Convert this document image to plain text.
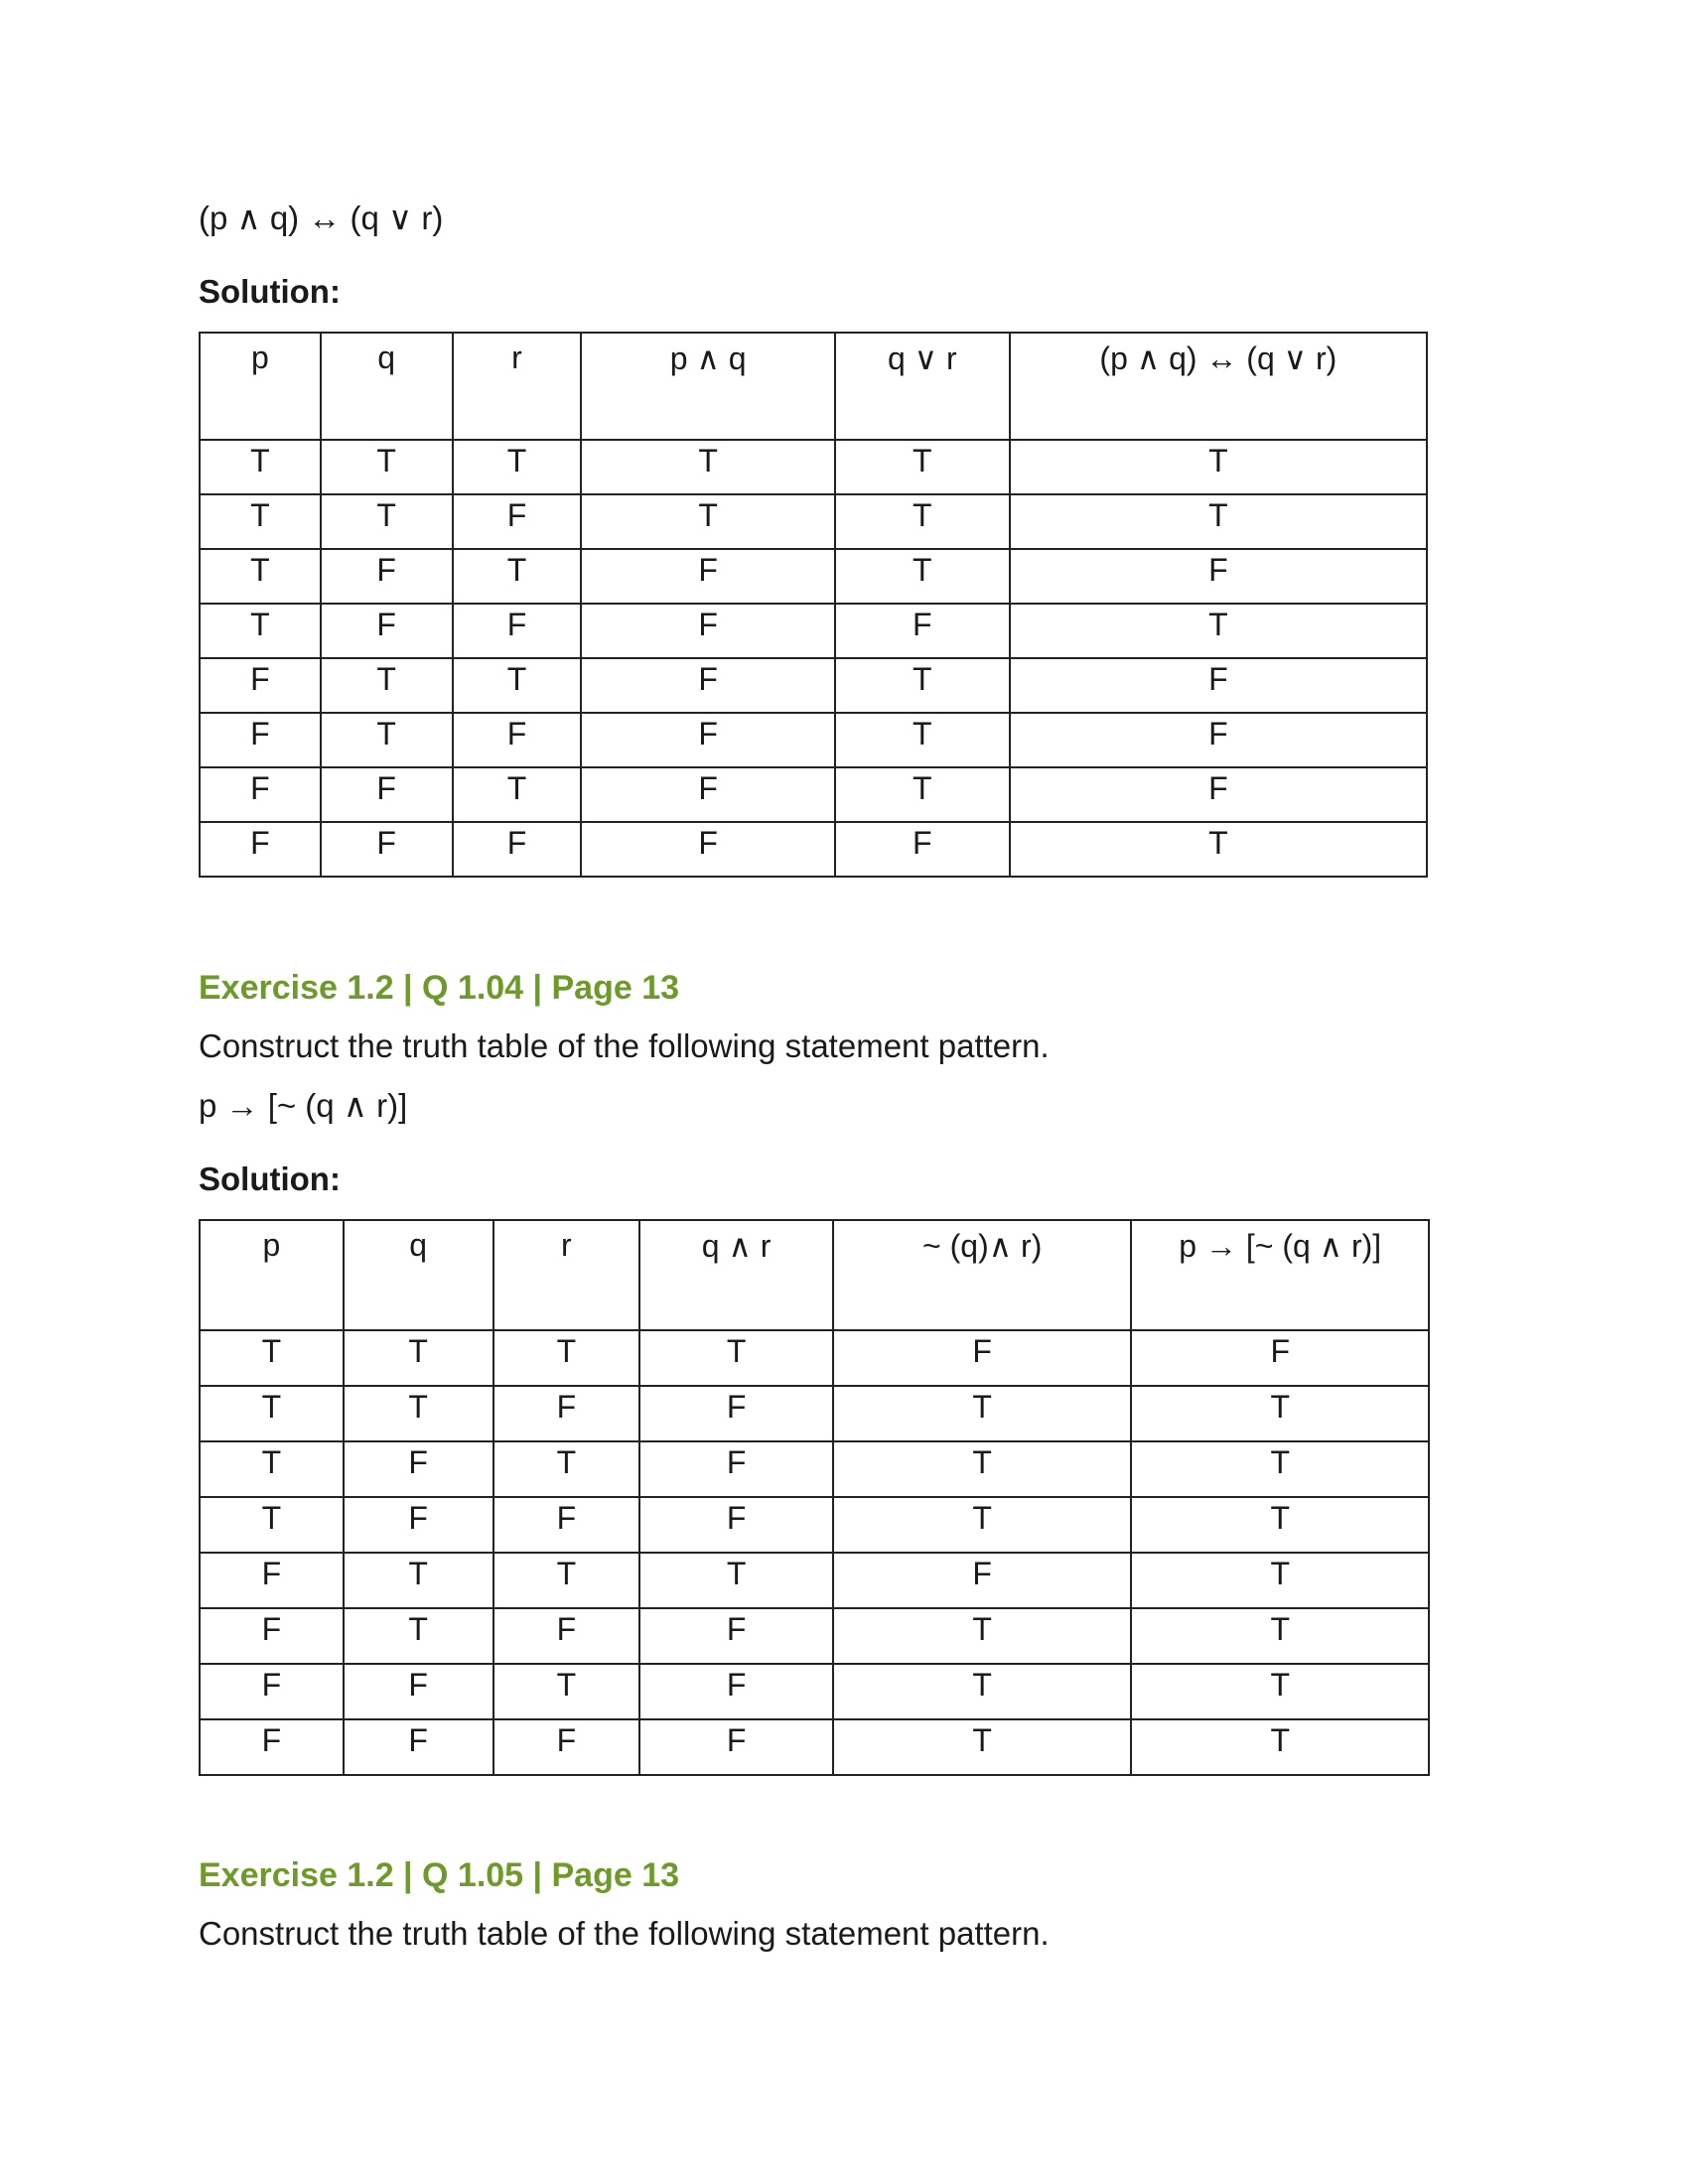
(p ∧ q) ↔ (q ∨ r)
Solution:
p	q	r	p ∧ q	q ∨ r	(p ∧ q) ↔ (q ∨ r)
T	T	T	T	T	T
T	T	F	T	T	T
T	F	T	F	T	F
T	F	F	F	F	T
F	T	T	F	T	F
F	T	F	F	T	F
F	F	T	F	T	F
F	F	F	F	F	T
Exercise 1.2 | Q 1.04 | Page 13
Construct the truth table of the following statement pattern.
p → [~ (q ∧ r)]
Solution:
p	q	r	q ∧ r	~ (q)∧ r)	p → [~ (q ∧ r)]
T	T	T	T	F	F
T	T	F	F	T	T
T	F	T	F	T	T
T	F	F	F	T	T
F	T	T	T	F	T
F	T	F	F	T	T
F	F	T	F	T	T
F	F	F	F	T	T
Exercise 1.2 | Q 1.05 | Page 13
Construct the truth table of the following statement pattern.
